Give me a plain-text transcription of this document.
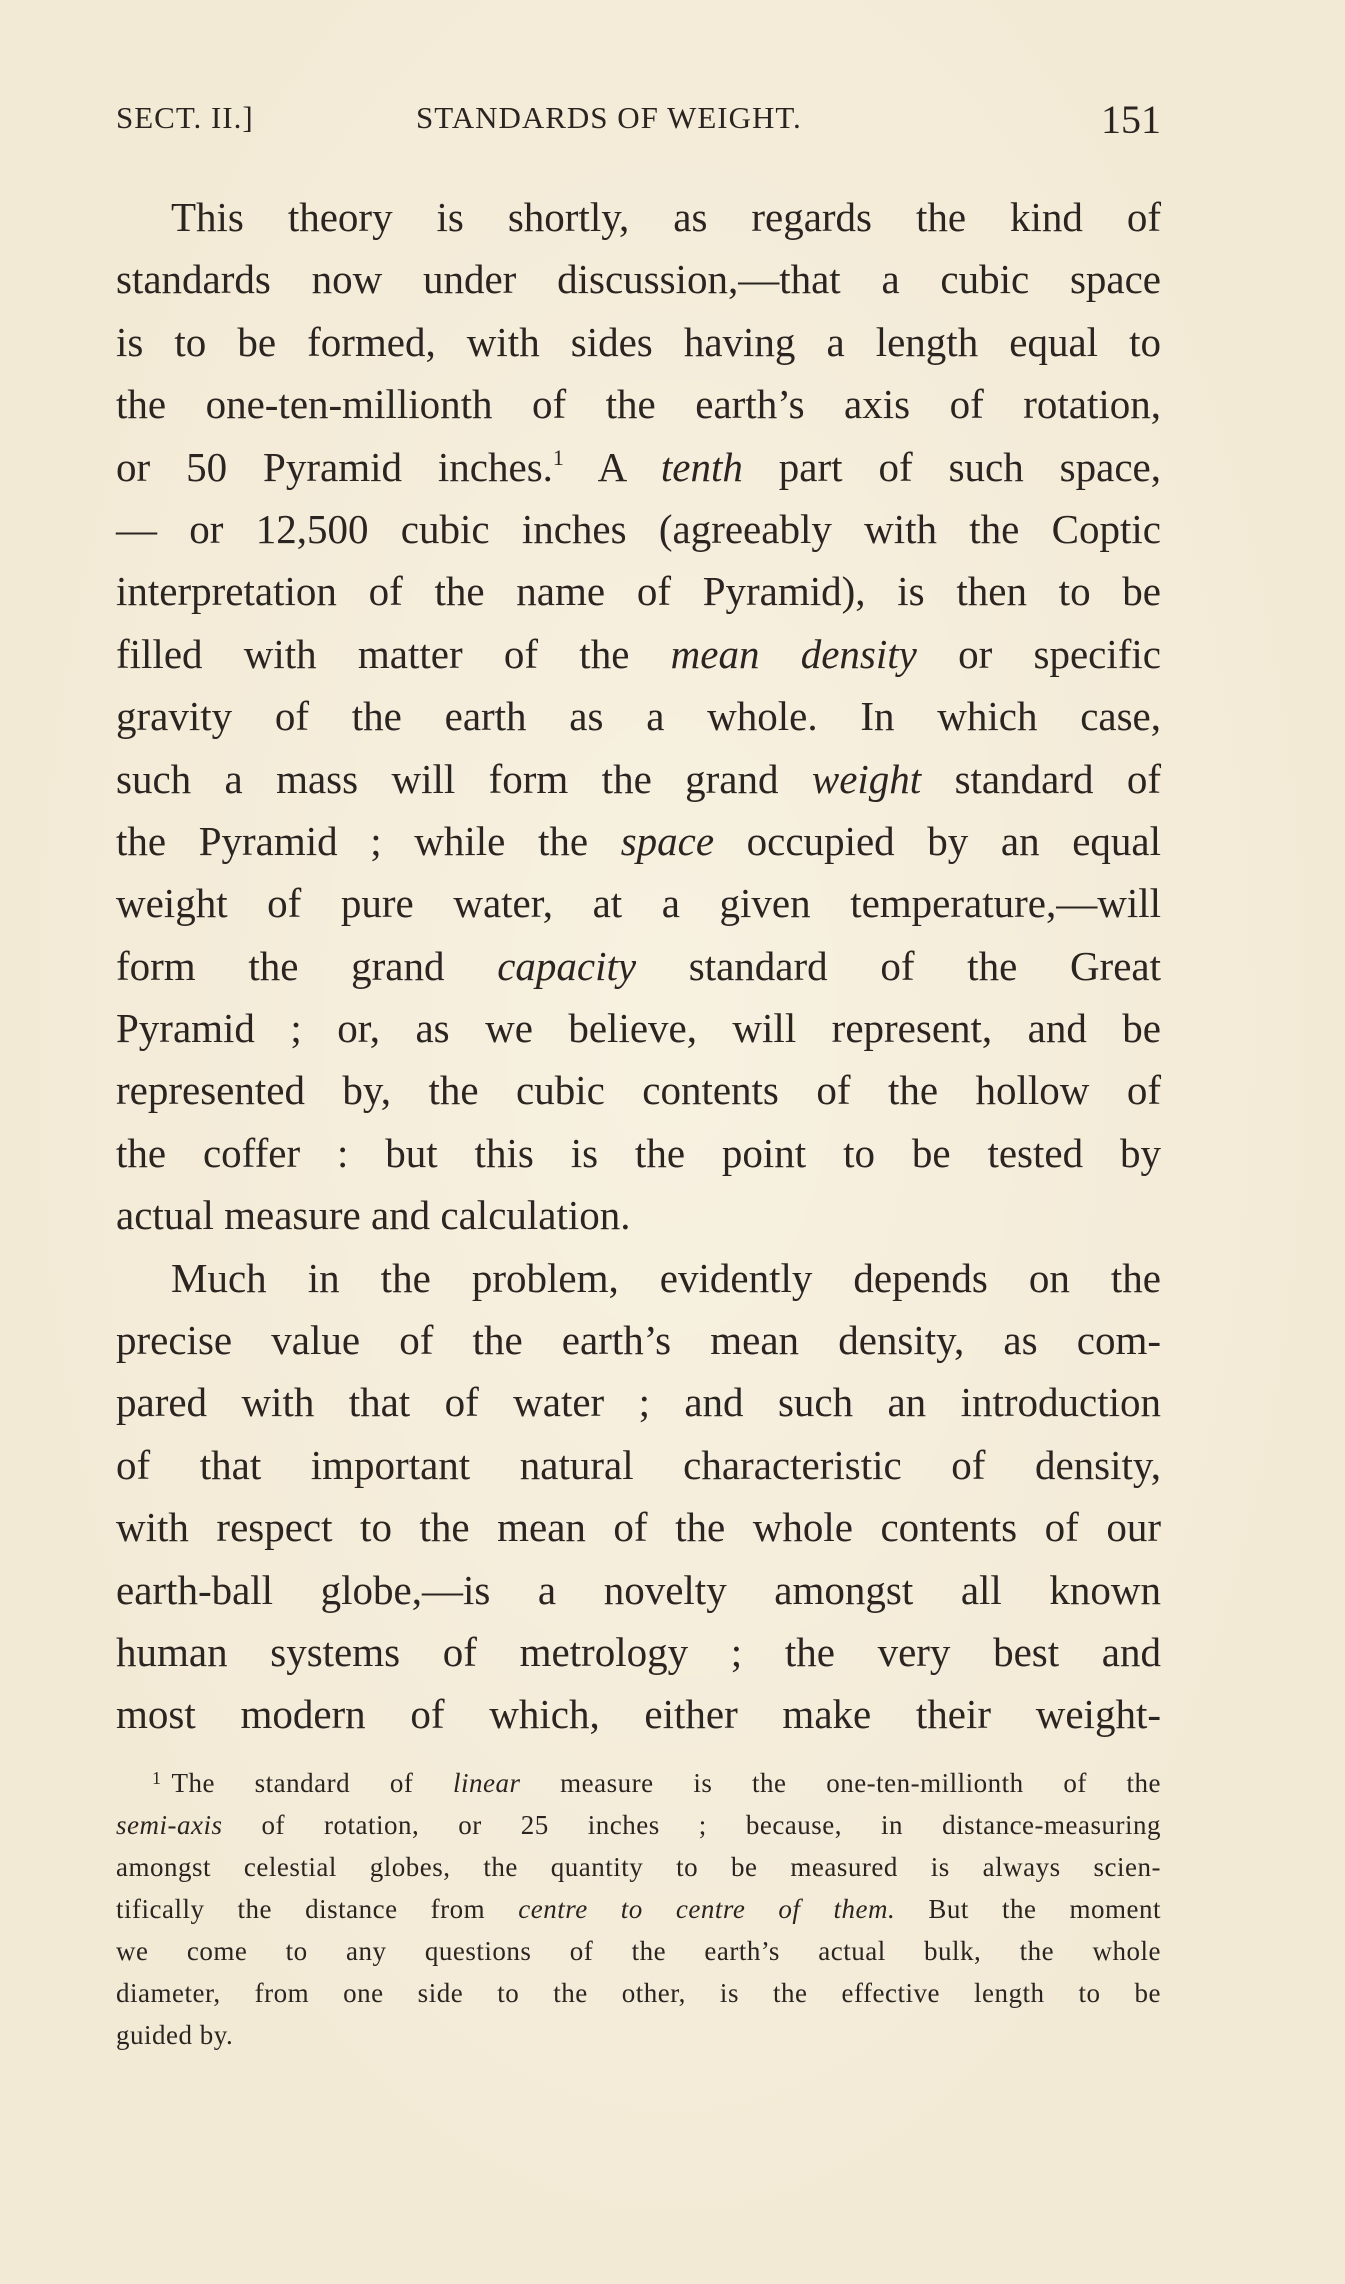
SECT. II.]	STANDARDS OF WEIGHT.	151
This theory is shortly, as regards the kind of
standards now under discussion,—that a cubic space
is to be formed, with sides having a length equal to
the one-ten-millionth of the earth’s axis of rotation,
or 50 Pyramid inches.$^1$ A tenth part of such space,
— or 12,500 cubic inches (agreeably with the Coptic
interpretation of the name of Pyramid), is then to be
filled with matter of the mean density or specific
gravity of the earth as a whole. In which case,
such a mass will form the grand weight standard of
the Pyramid ; while the space occupied by an equal
weight of pure water, at a given temperature,—will
form the grand capacity standard of the Great
Pyramid ; or, as we believe, will represent, and be
represented by, the cubic contents of the hollow of
the coffer : but this is the point to be tested by
actual measure and calculation.
Much in the problem, evidently depends on the
precise value of the earth’s mean density, as com-
pared with that of water ; and such an introduction
of that important natural characteristic of density,
with respect to the mean of the whole contents of our
earth-ball globe,—is a novelty amongst all known
human systems of metrology ; the very best and
most modern of which, either make their weight-
$^1$ The standard of linear measure is the one-ten-millionth of the
semi-axis of rotation, or 25 inches ; because, in distance-measuring
amongst celestial globes, the quantity to be measured is always scien-
tifically the distance from centre to centre of them. But the moment
we come to any questions of the earth’s actual bulk, the whole
diameter, from one side to the other, is the effective length to be
guided by.
